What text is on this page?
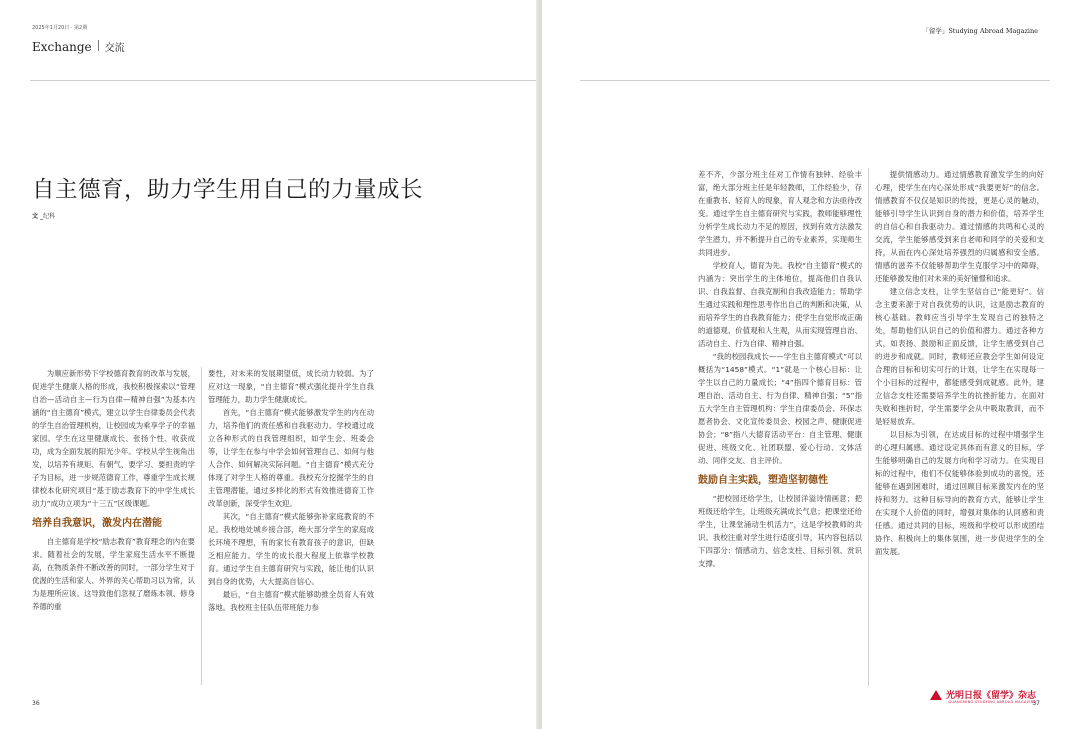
2025年1月20日 · 第2期
Exchange 交流
自主德育，助力学生用自己的力量成长
文 _纪科

为顺应新形势下学校德育教育的改革与发展，促进学生健康人格的形成，我校积极探索以“管理自治—活动自主—行为自律—精神自强”为基本内涵的“自主德育”模式，建立以学生自律委员会代表的学生自治管理机构，让校园成为乘享学子的幸福家园。学生在这里健康成长、张扬个性、收获成功，成为全面发展的阳光少年。学校从学生视角出发，以培养有规矩、有朝气、要学习、要担责的学子为目标，进一步规范德育工作，尊重学生成长规律校本化研究项目“基于励志教育下的中学生成长动力”成功立项为“十三五”区级课题。

培养自我意识，激发内在潜能

自主德育是学校“励志教育”教育理念的内在要求。随着社会的发展，学生家庭生活水平不断提高，在物质条件不断改善的同时，一部分学生对于优渥的生活和家人、外界的关心帮助习以为常，认为是理所应该。这导致他们忽视了磨炼本领、修身养德的重

要性，对未来的发展期望低，成长动力较弱。为了应对这一现象，“自主德育”模式强化提升学生自我管理能力，助力学生健康成长。

首先，“自主德育”模式能够激发学生的内在动力，培养他们的责任感和自我驱动力。学校通过成立各种形式的自我管理组织，如学生会、班委会等，让学生在参与中学会如何管理自己、如何与他人合作、如何解决实际问题。“自主德育”模式充分体现了对学生人格的尊重。我校充分挖掘学生的自主管理潜能，通过多样化的形式有效推进德育工作改革创新，深受学生欢迎。

其次，“自主德育”模式能够弥补家庭教育的不足。我校地处城乡接合部，绝大部分学生的家庭成长环境不理想，有的家长有教育孩子的意识，但缺乏相应能力。学生的成长很大程度上依靠学校教育。通过学生自主德育研究与实践，能让他们认识到自身的优势，大大提高自信心。

最后，“自主德育”模式能够助推全员育人有效落地。我校班主任队伍带班能力参

36
「留学」Studying Abroad Magazine

差不齐，少部分班主任对工作情有独钟、经验丰富，绝大部分班主任是年轻教师，工作经验少，存在重教书、轻育人的现象，育人观念和方法亟待改变。通过学生自主德育研究与实践，教师能够理性分析学生成长动力不足的原因，找到有效方法激发学生潜力，并不断提升自己的专业素养，实现师生共同进步。

学校育人，德育为先。我校“自主德育”模式的内涵为：突出学生的主体地位，提高他们自我认识、自我监督、自我克制和自我改造能力；帮助学生通过实践和理性思考作出自己的判断和决策，从而培养学生的自我教育能力；使学生自觉形成正确的道德观、价值观和人生观，从而实现管理自治、活动自主、行为自律、精神自强。

“我的校园我成长——学生自主德育模式”可以概括为“1458”模式。“1”就是一个核心目标：让学生以自己的力量成长；“4”指四个德育目标：管理自治、活动自主、行为自律、精神自强；“5”指五大学生自主管理机构：学生自律委员会、环保志愿者协会、文化宣传委员会、校园之声、健康促进协会；“8”指八大德育活动平台：自主管理、健康促进、班级文化、社团联盟、爱心行动、文体活动、同伴交友、自主评价。

鼓励自主实践，塑造坚韧德性

“把校园还给学生，让校园洋溢诗情画意；把班级还给学生，让班级充满成长气息；把课堂还给学生，让课堂涌动生机活力”，这是学校教师的共识。我校注重对学生进行适度引导，其内容包括以下四部分：情感动力、信念支柱、目标引领、赏识支撑。

提供情感动力。通过情感教育激发学生的向好心理，使学生在内心深处形成“我要更好”的信念。情感教育不仅仅是知识的传授，更是心灵的触动，能够引导学生认识到自身的潜力和价值，培养学生的自信心和自我驱动力。通过情感的共鸣和心灵的交流，学生能够感受到来自老师和同学的关爱和支持，从而在内心深处培养强烈的归属感和安全感。情感的滋养不仅能够帮助学生克服学习中的障碍，还能够激发他们对未来的美好憧憬和追求。

建立信念支柱，让学生坚信自己“能更好”。信念主要来源于对自我优势的认识，这是励志教育的核心基础。教师应当引导学生发现自己的独特之处，帮助他们认识自己的价值和潜力。通过各种方式，如表扬、鼓励和正面反馈，让学生感受到自己的进步和成就。同时，教师还应教会学生如何设定合理的目标和切实可行的计划，让学生在实现每一个小目标的过程中，都能感受到成就感。此外，建立信念支柱还需要培养学生的抗挫折能力。在面对失败和挫折时，学生需要学会从中吸取教训，而不是轻易放弃。

以目标为引领，在达成目标的过程中增强学生的心理归属感。通过设定具体而有意义的目标，学生能够明确自己的发展方向和学习动力。在实现目标的过程中，他们不仅能够体验到成功的喜悦，还能够在遇到困难时，通过回顾目标来激发内在的坚持和努力。这种目标导向的教育方式，能够让学生在实现个人价值的同时，增强对集体的认同感和责任感。通过共同的目标，班级和学校可以形成团结协作、积极向上的集体氛围，进一步促进学生的全面发展。

光明日报《留学》杂志
GUANGMING STUDYING ABROAD MAGAZINE
37
